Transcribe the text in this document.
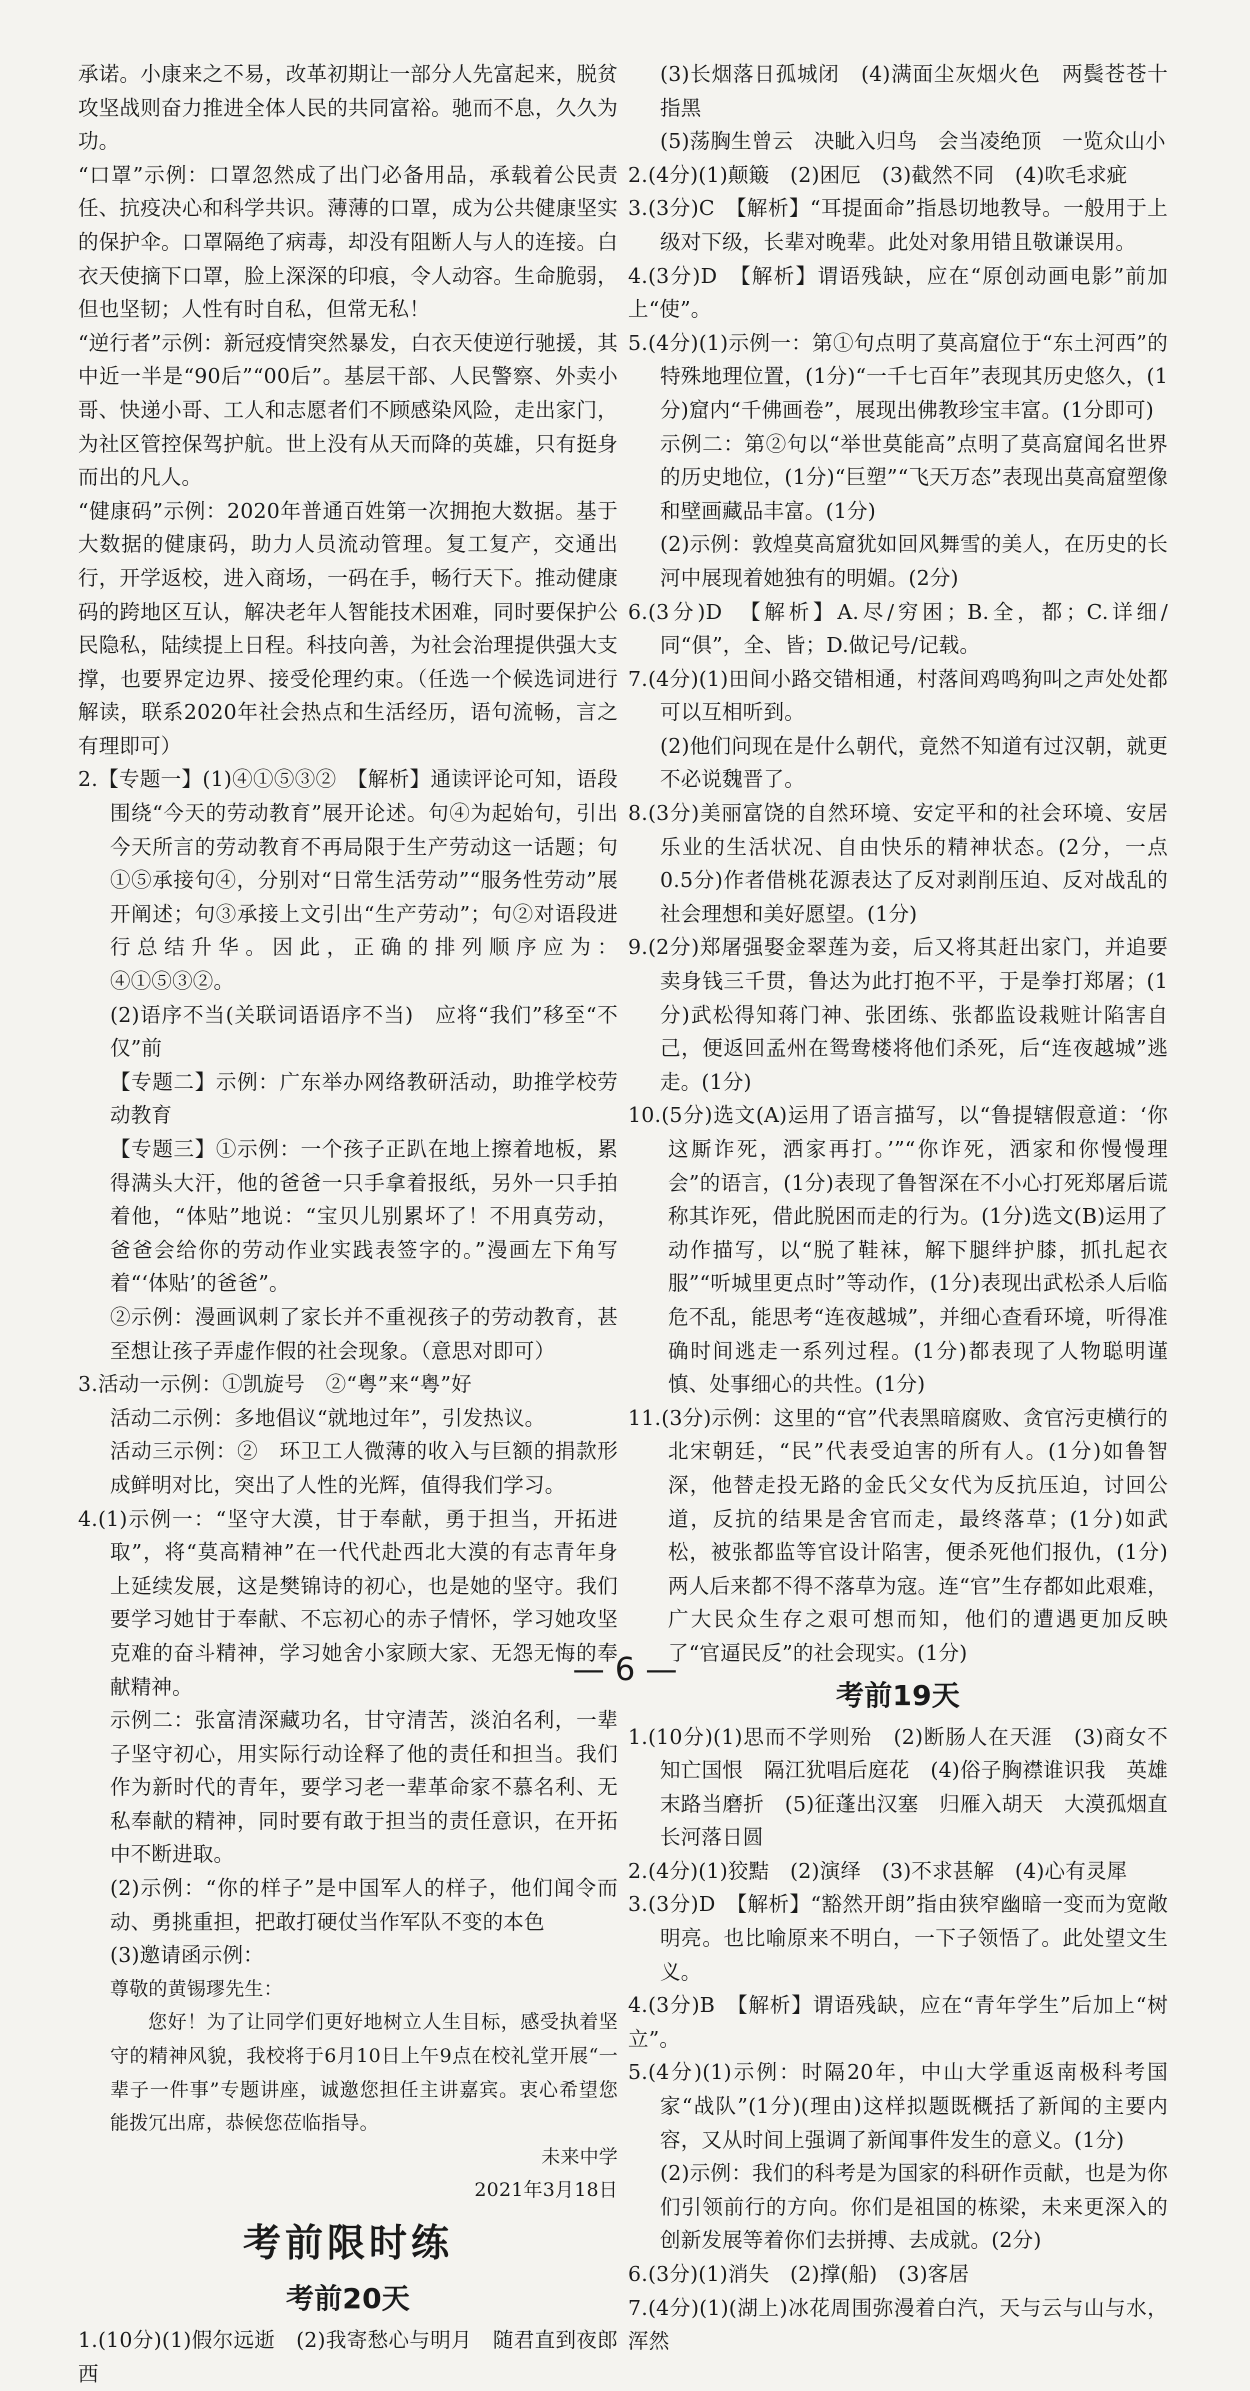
承诺。小康来之不易，改革初期让一部分人先富起来，脱贫攻坚战则奋力推进全体人民的共同富裕。驰而不息，久久为功。

“口罩”示例：口罩忽然成了出门必备用品，承载着公民责任、抗疫决心和科学共识。薄薄的口罩，成为公共健康坚实的保护伞。口罩隔绝了病毒，却没有阻断人与人的连接。白衣天使摘下口罩，脸上深深的印痕，令人动容。生命脆弱，但也坚韧；人性有时自私，但常无私！

“逆行者”示例：新冠疫情突然暴发，白衣天使逆行驰援，其中近一半是“90后”“00后”。基层干部、人民警察、外卖小哥、快递小哥、工人和志愿者们不顾感染风险，走出家门，为社区管控保驾护航。世上没有从天而降的英雄，只有挺身而出的凡人。

“健康码”示例：2020年普通百姓第一次拥抱大数据。基于大数据的健康码，助力人员流动管理。复工复产，交通出行，开学返校，进入商场，一码在手，畅行天下。推动健康码的跨地区互认，解决老年人智能技术困难，同时要保护公民隐私，陆续提上日程。科技向善，为社会治理提供强大支撑，也要界定边界、接受伦理约束。（任选一个候选词进行解读，联系2020年社会热点和生活经历，语句流畅，言之有理即可）

2.【专题一】(1)④①⑤③②　【解析】通读评论可知，语段围绕“今天的劳动教育”展开论述。句④为起始句，引出今天所言的劳动教育不再局限于生产劳动这一话题；句①⑤承接句④，分别对“日常生活劳动”“服务性劳动”展开阐述；句③承接上文引出“生产劳动”；句②对语段进行总结升华。因此，正确的排列顺序应为：④①⑤③②。

(2)语序不当(关联词语语序不当)　应将“我们”移至“不仅”前

【专题二】示例：广东举办网络教研活动，助推学校劳动教育

【专题三】①示例：一个孩子正趴在地上擦着地板，累得满头大汗，他的爸爸一只手拿着报纸，另外一只手拍着他，“体贴”地说：“宝贝儿别累坏了！不用真劳动，爸爸会给你的劳动作业实践表签字的。”漫画左下角写着“‘体贴’的爸爸”。

②示例：漫画讽刺了家长并不重视孩子的劳动教育，甚至想让孩子弄虚作假的社会现象。（意思对即可）

3.活动一示例：①凯旋号　②“粤”来“粤”好

活动二示例：多地倡议“就地过年”，引发热议。

活动三示例：②　环卫工人微薄的收入与巨额的捐款形成鲜明对比，突出了人性的光辉，值得我们学习。

4.(1)示例一：“坚守大漠，甘于奉献，勇于担当，开拓进取”，将“莫高精神”在一代代赴西北大漠的有志青年身上延续发展，这是樊锦诗的初心，也是她的坚守。我们要学习她甘于奉献、不忘初心的赤子情怀，学习她攻坚克难的奋斗精神，学习她舍小家顾大家、无怨无悔的奉献精神。

示例二：张富清深藏功名，甘守清苦，淡泊名利，一辈子坚守初心，用实际行动诠释了他的责任和担当。我们作为新时代的青年，要学习老一辈革命家不慕名利、无私奉献的精神，同时要有敢于担当的责任意识，在开拓中不断进取。

(2)示例：“你的样子”是中国军人的样子，他们闻令而动、勇挑重担，把敢打硬仗当作军队不变的本色

(3)邀请函示例：

尊敬的黄锡璆先生：

您好！为了让同学们更好地树立人生目标，感受执着坚守的精神风貌，我校将于6月10日上午9点在校礼堂开展“一辈子一件事”专题讲座，诚邀您担任主讲嘉宾。衷心希望您能拨冗出席，恭候您莅临指导。

未来中学

2021年3月18日

考前限时练
考前20天

1.(10分)(1)假尔远逝　(2)我寄愁心与明月　随君直到夜郎西

(3)长烟落日孤城闭　(4)满面尘灰烟火色　两鬓苍苍十指黑

(5)荡胸生曾云　决眦入归鸟　会当凌绝顶　一览众山小

2.(4分)(1)颠簸　(2)困厄　(3)截然不同　(4)吹毛求疵

3.(3分)C　【解析】“耳提面命”指恳切地教导。一般用于上级对下级，长辈对晚辈。此处对象用错且敬谦误用。

4.(3分)D　【解析】谓语残缺，应在“原创动画电影”前加上“使”。

5.(4分)(1)示例一：第①句点明了莫高窟位于“东土河西”的特殊地理位置，(1分)“一千七百年”表现其历史悠久，(1分)窟内“千佛画卷”，展现出佛教珍宝丰富。(1分即可)

示例二：第②句以“举世莫能高”点明了莫高窟闻名世界的历史地位，(1分)“巨塑”“飞天万态”表现出莫高窟塑像和壁画藏品丰富。(1分)

(2)示例：敦煌莫高窟犹如回风舞雪的美人，在历史的长河中展现着她独有的明媚。(2分)

6.(3分)D　【解析】A.尽/穷困；B.全，都；C.详细/同“俱”，全、皆；D.做记号/记载。

7.(4分)(1)田间小路交错相通，村落间鸡鸣狗叫之声处处都可以互相听到。

(2)他们问现在是什么朝代，竟然不知道有过汉朝，就更不必说魏晋了。

8.(3分)美丽富饶的自然环境、安定平和的社会环境、安居乐业的生活状况、自由快乐的精神状态。(2分，一点0.5分)作者借桃花源表达了反对剥削压迫、反对战乱的社会理想和美好愿望。(1分)

9.(2分)郑屠强娶金翠莲为妾，后又将其赶出家门，并追要卖身钱三千贯，鲁达为此打抱不平，于是拳打郑屠；(1分)武松得知蒋门神、张团练、张都监设栽赃计陷害自己，便返回孟州在鸳鸯楼将他们杀死，后“连夜越城”逃走。(1分)

10.(5分)选文(A)运用了语言描写，以“鲁提辖假意道：‘你这厮诈死，洒家再打。’”“你诈死，洒家和你慢慢理会”的语言，(1分)表现了鲁智深在不小心打死郑屠后谎称其诈死，借此脱困而走的行为。(1分)选文(B)运用了动作描写，以“脱了鞋袜，解下腿绊护膝，抓扎起衣服”“听城里更点时”等动作，(1分)表现出武松杀人后临危不乱，能思考“连夜越城”，并细心查看环境，听得准确时间逃走一系列过程。(1分)都表现了人物聪明谨慎、处事细心的共性。(1分)

11.(3分)示例：这里的“官”代表黑暗腐败、贪官污吏横行的北宋朝廷，“民”代表受迫害的所有人。(1分)如鲁智深，他替走投无路的金氏父女代为反抗压迫，讨回公道，反抗的结果是舍官而走，最终落草；(1分)如武松，被张都监等官设计陷害，便杀死他们报仇，(1分)两人后来都不得不落草为寇。连“官”生存都如此艰难，广大民众生存之艰可想而知，他们的遭遇更加反映了“官逼民反”的社会现实。(1分)

考前19天

1.(10分)(1)思而不学则殆　(2)断肠人在天涯　(3)商女不知亡国恨　隔江犹唱后庭花　(4)俗子胸襟谁识我　英雄末路当磨折　(5)征蓬出汉塞　归雁入胡天　大漠孤烟直　长河落日圆

2.(4分)(1)狡黠　(2)演绎　(3)不求甚解　(4)心有灵犀

3.(3分)D　【解析】“豁然开朗”指由狭窄幽暗一变而为宽敞明亮。也比喻原来不明白，一下子领悟了。此处望文生义。

4.(3分)B　【解析】谓语残缺，应在“青年学生”后加上“树立”。

5.(4分)(1)示例：时隔20年，中山大学重返南极科考国家“战队”(1分)(理由)这样拟题既概括了新闻的主要内容，又从时间上强调了新闻事件发生的意义。(1分)

(2)示例：我们的科考是为国家的科研作贡献，也是为你们引领前行的方向。你们是祖国的栋梁，未来更深入的创新发展等着你们去拼搏、去成就。(2分)

6.(3分)(1)消失　(2)撑(船)　(3)客居

7.(4分)(1)(湖上)冰花周围弥漫着白汽，天与云与山与水，浑然

— 6 —
